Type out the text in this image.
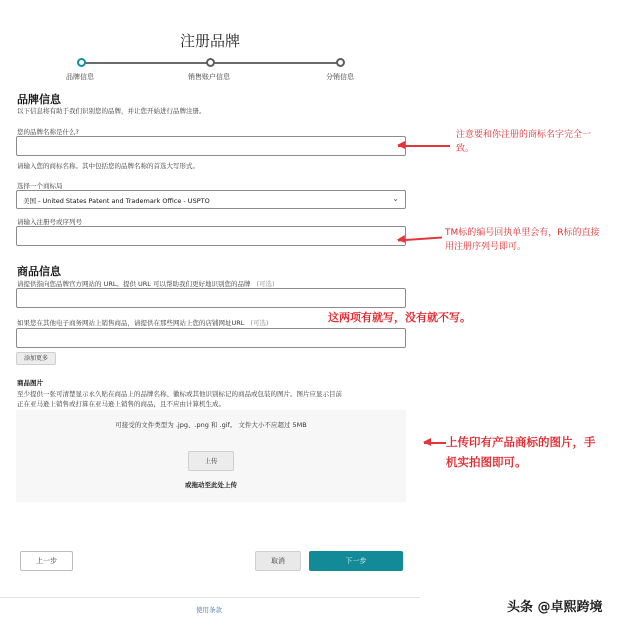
注册品牌
品牌信息	销售账户信息	分销信息
品牌信息
以下信息将有助于我们识别您的品牌，并让您开始进行品牌注册。
您的品牌名称是什么?
请输入您的商标名称。其中包括您的品牌名称的首选大写形式。
选择一个商标局
美国 - United States Patent and Trademark Office - USPTO	⌄
请输入注册号或序列号
商品信息
请提供指向您品牌官方网站的 URL。提供 URL 可以帮助我们更好地识别您的品牌 (可选)
如果您在其他电子商务网站上销售商品，请提供在那些网站上您的店铺网址URL (可选)
添加更多
商品图片
至少提供一张可清楚显示永久贴在商品上的品牌名称、徽标或其他识别标记的商品或包装的图片。图片应显示目前
正在亚马逊上销售或打算在亚马逊上销售的商品，且不应由计算机生成。
可接受的文件类型为 .jpg、.png 和 .gif。 文件大小不应超过 5MB
上传
或拖动至此处上传
上一步	取消	下一步
使用条款
注意要和你注册的商标名字完全一
致。
TM标的编号回执单里会有，R标的直接
用注册序列号即可。
这两项有就写，没有就不写。
上传印有产品商标的图片，手
机实拍图即可。
头条 @卓熙跨境
